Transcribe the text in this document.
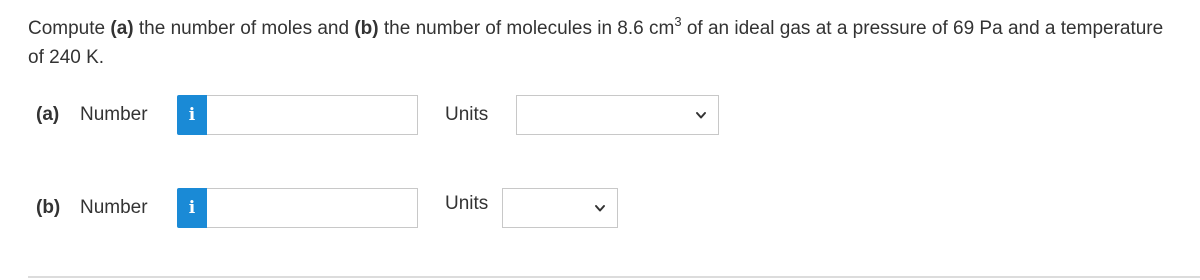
Compute (a) the number of moles and (b) the number of molecules in 8.6 $cm^3$ of an ideal gas at a pressure of 69 Pa and a temperature of 240 K.
(a) Number i	Units
(b) Number i	Units
